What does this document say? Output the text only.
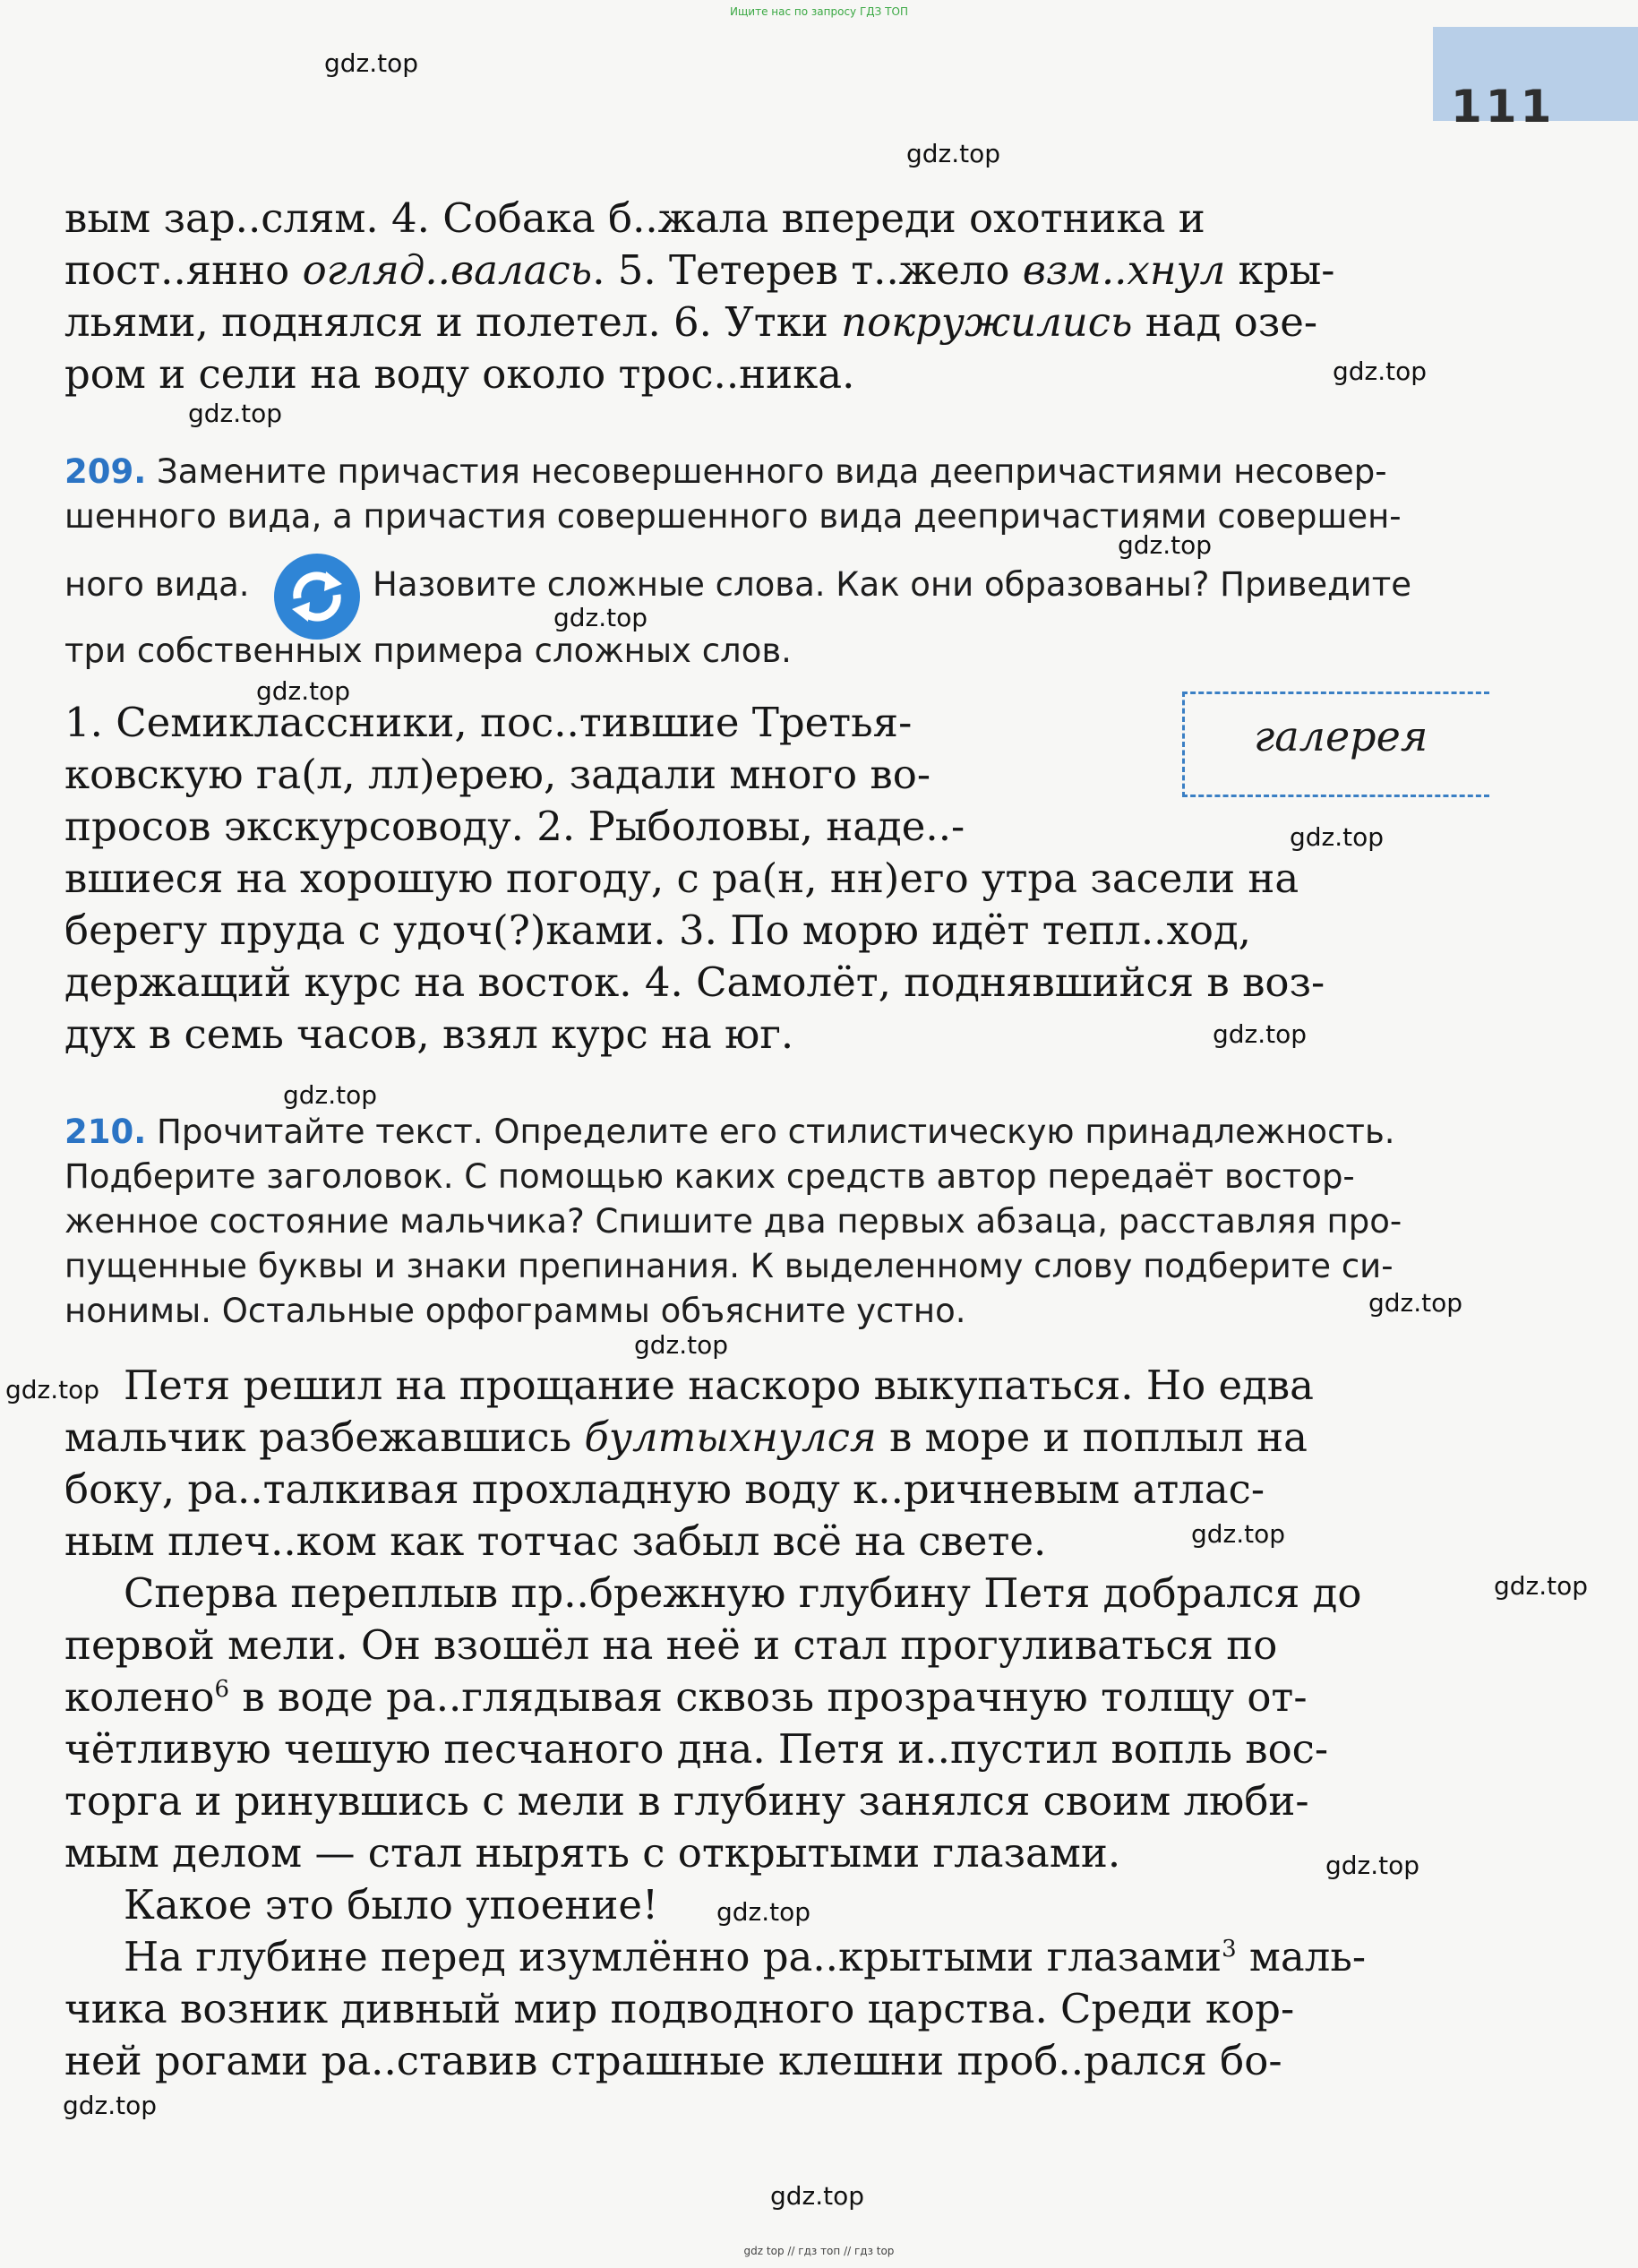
Ищите нас по запросу ГДЗ ТОП
111
gdz.top
gdz.top
gdz.top
gdz.top
gdz.top
gdz.top
gdz.top
gdz.top
gdz.top
gdz.top
gdz.top
gdz.top
gdz.top
gdz.top
gdz.top
gdz.top
gdz.top
gdz.top
gdz.top
вым зар..слям. 4. Собака б..жала впереди охотника и
пост..янно огляд..валась. 5. Тетерев т..жело взм..хнул кры-
льями, поднялся и полетел. 6. Утки покружились над озе-
ром и сели на воду около трос..ника.
209. Замените причастия несовершенного вида деепричастиями несовер-
шенного вида, а причастия совершенного вида деепричастиями совершен-
ного вида.	Назовите сложные слова. Как они образованы? Приведите
три собственных примера сложных слов.
галерея
1. Семиклассники, пос..тившие Третья-
ковскую га(л, лл)ерею, задали много во-
просов экскурсоводу. 2. Рыболовы, наде..-
вшиеся на хорошую погоду, с ра(н, нн)его утра засели на
берегу пруда с удоч(?)ками. 3. По морю идёт тепл..ход,
держащий курс на восток. 4. Самолёт, поднявшийся в воз-
дух в семь часов, взял курс на юг.
210. Прочитайте текст. Определите его стилистическую принадлежность.
Подберите заголовок. С помощью каких средств автор передаёт востор-
женное состояние мальчика? Спишите два первых абзаца, расставляя про-
пущенные буквы и знаки препинания. К выделенному слову подберите си-
нонимы. Остальные орфограммы объясните устно.
Петя решил на прощание наскоро выкупаться. Но едва
мальчик разбежавшись бултыхнулся в море и поплыл на
боку, ра..талкивая прохладную воду к..ричневым атлас-
ным плеч..ком как тотчас забыл всё на свете.
Сперва переплыв пр..брежную глубину Петя добрался до
первой мели. Он взошёл на неё и стал прогуливаться по
колено$^6$ в воде ра..глядывая сквозь прозрачную толщу от-
чётливую чешую песчаного дна. Петя и..пустил вопль вос-
торга и ринувшись с мели в глубину занялся своим люби-
мым делом — стал нырять с открытыми глазами.
Какое это было упоение!
На глубине перед изумлённо ра..крытыми глазами$^3$ маль-
чика возник дивный мир подводного царства. Среди кор-
ней рогами ра..ставив страшные клешни проб..рался бо-
gdz top // гдз топ // гдз top
